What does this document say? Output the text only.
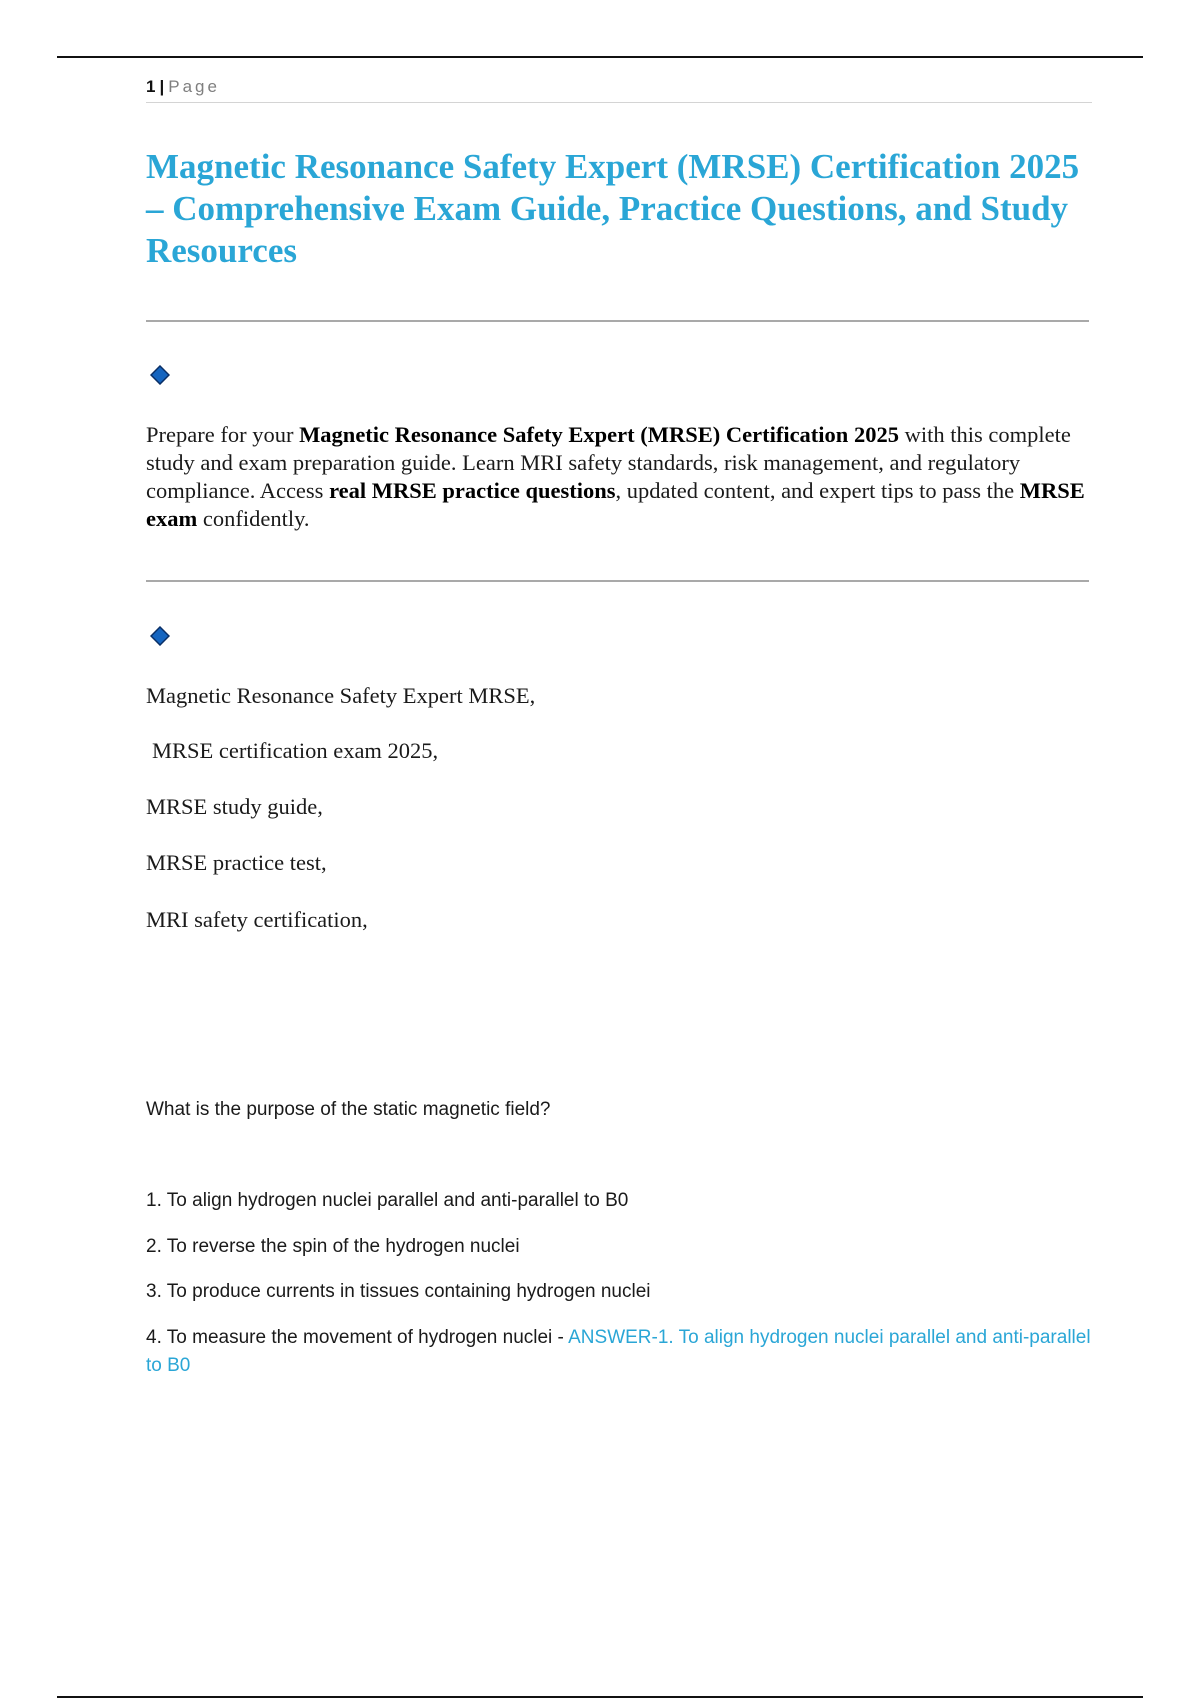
1 | Page
Magnetic Resonance Safety Expert (MRSE) Certification 2025 – Comprehensive Exam Guide, Practice Questions, and Study Resources

Prepare for your Magnetic Resonance Safety Expert (MRSE) Certification 2025 with this complete study and exam preparation guide. Learn MRI safety standards, risk management, and regulatory compliance. Access real MRSE practice questions, updated content, and expert tips to pass the MRSE exam confidently.

Magnetic Resonance Safety Expert MRSE,

MRSE certification exam 2025,

MRSE study guide,

MRSE practice test,

MRI safety certification,

What is the purpose of the static magnetic field?

1. To align hydrogen nuclei parallel and anti-parallel to B0

2. To reverse the spin of the hydrogen nuclei

3. To produce currents in tissues containing hydrogen nuclei

4. To measure the movement of hydrogen nuclei - ANSWER-1. To align hydrogen nuclei parallel and anti-parallel to B0
